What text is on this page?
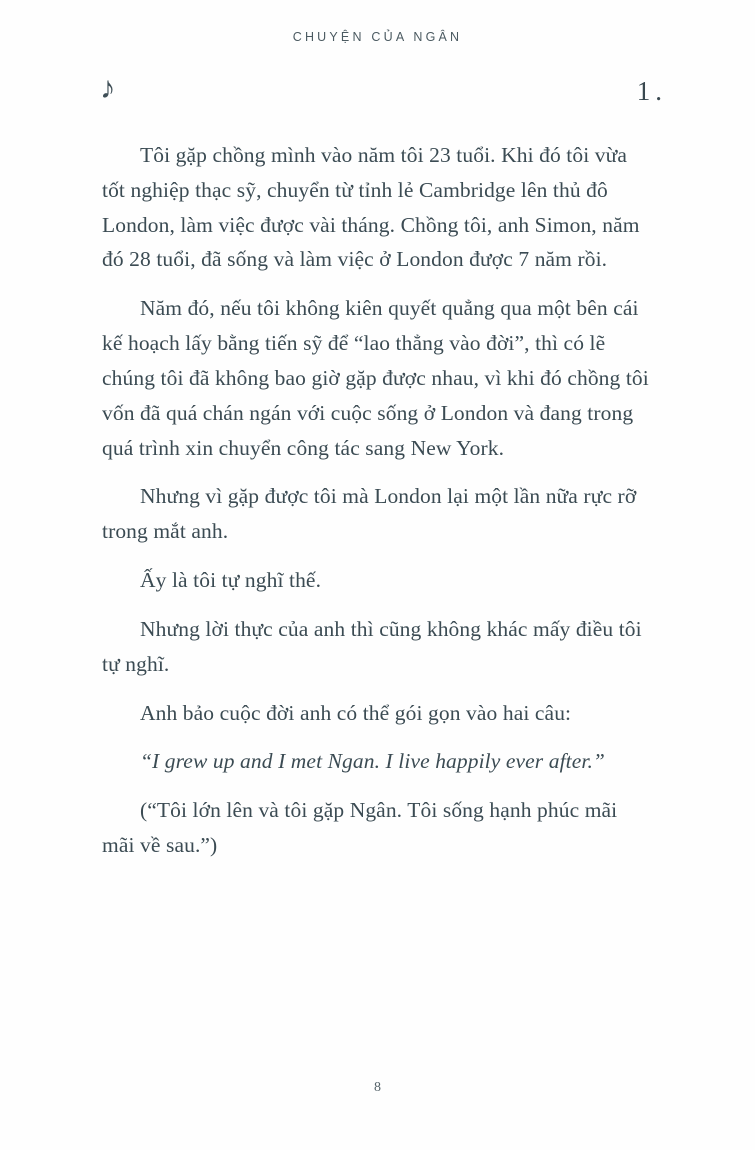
CHUYỆN CỦA NGÂN
♪	1.

Tôi gặp chồng mình vào năm tôi 23 tuổi. Khi đó tôi vừa tốt nghiệp thạc sỹ, chuyển từ tỉnh lẻ Cambridge lên thủ đô London, làm việc được vài tháng. Chồng tôi, anh Simon, năm đó 28 tuổi, đã sống và làm việc ở London được 7 năm rồi.

Năm đó, nếu tôi không kiên quyết quẳng qua một bên cái kế hoạch lấy bằng tiến sỹ để “lao thẳng vào đời”, thì có lẽ chúng tôi đã không bao giờ gặp được nhau, vì khi đó chồng tôi vốn đã quá chán ngán với cuộc sống ở London và đang trong quá trình xin chuyển công tác sang New York.

Nhưng vì gặp được tôi mà London lại một lần nữa rực rỡ trong mắt anh.

Ấy là tôi tự nghĩ thế.

Nhưng lời thực của anh thì cũng không khác mấy điều tôi tự nghĩ.

Anh bảo cuộc đời anh có thể gói gọn vào hai câu:

“I grew up and I met Ngan. I live happily ever after.”

(“Tôi lớn lên và tôi gặp Ngân. Tôi sống hạnh phúc mãi mãi về sau.”)

8
